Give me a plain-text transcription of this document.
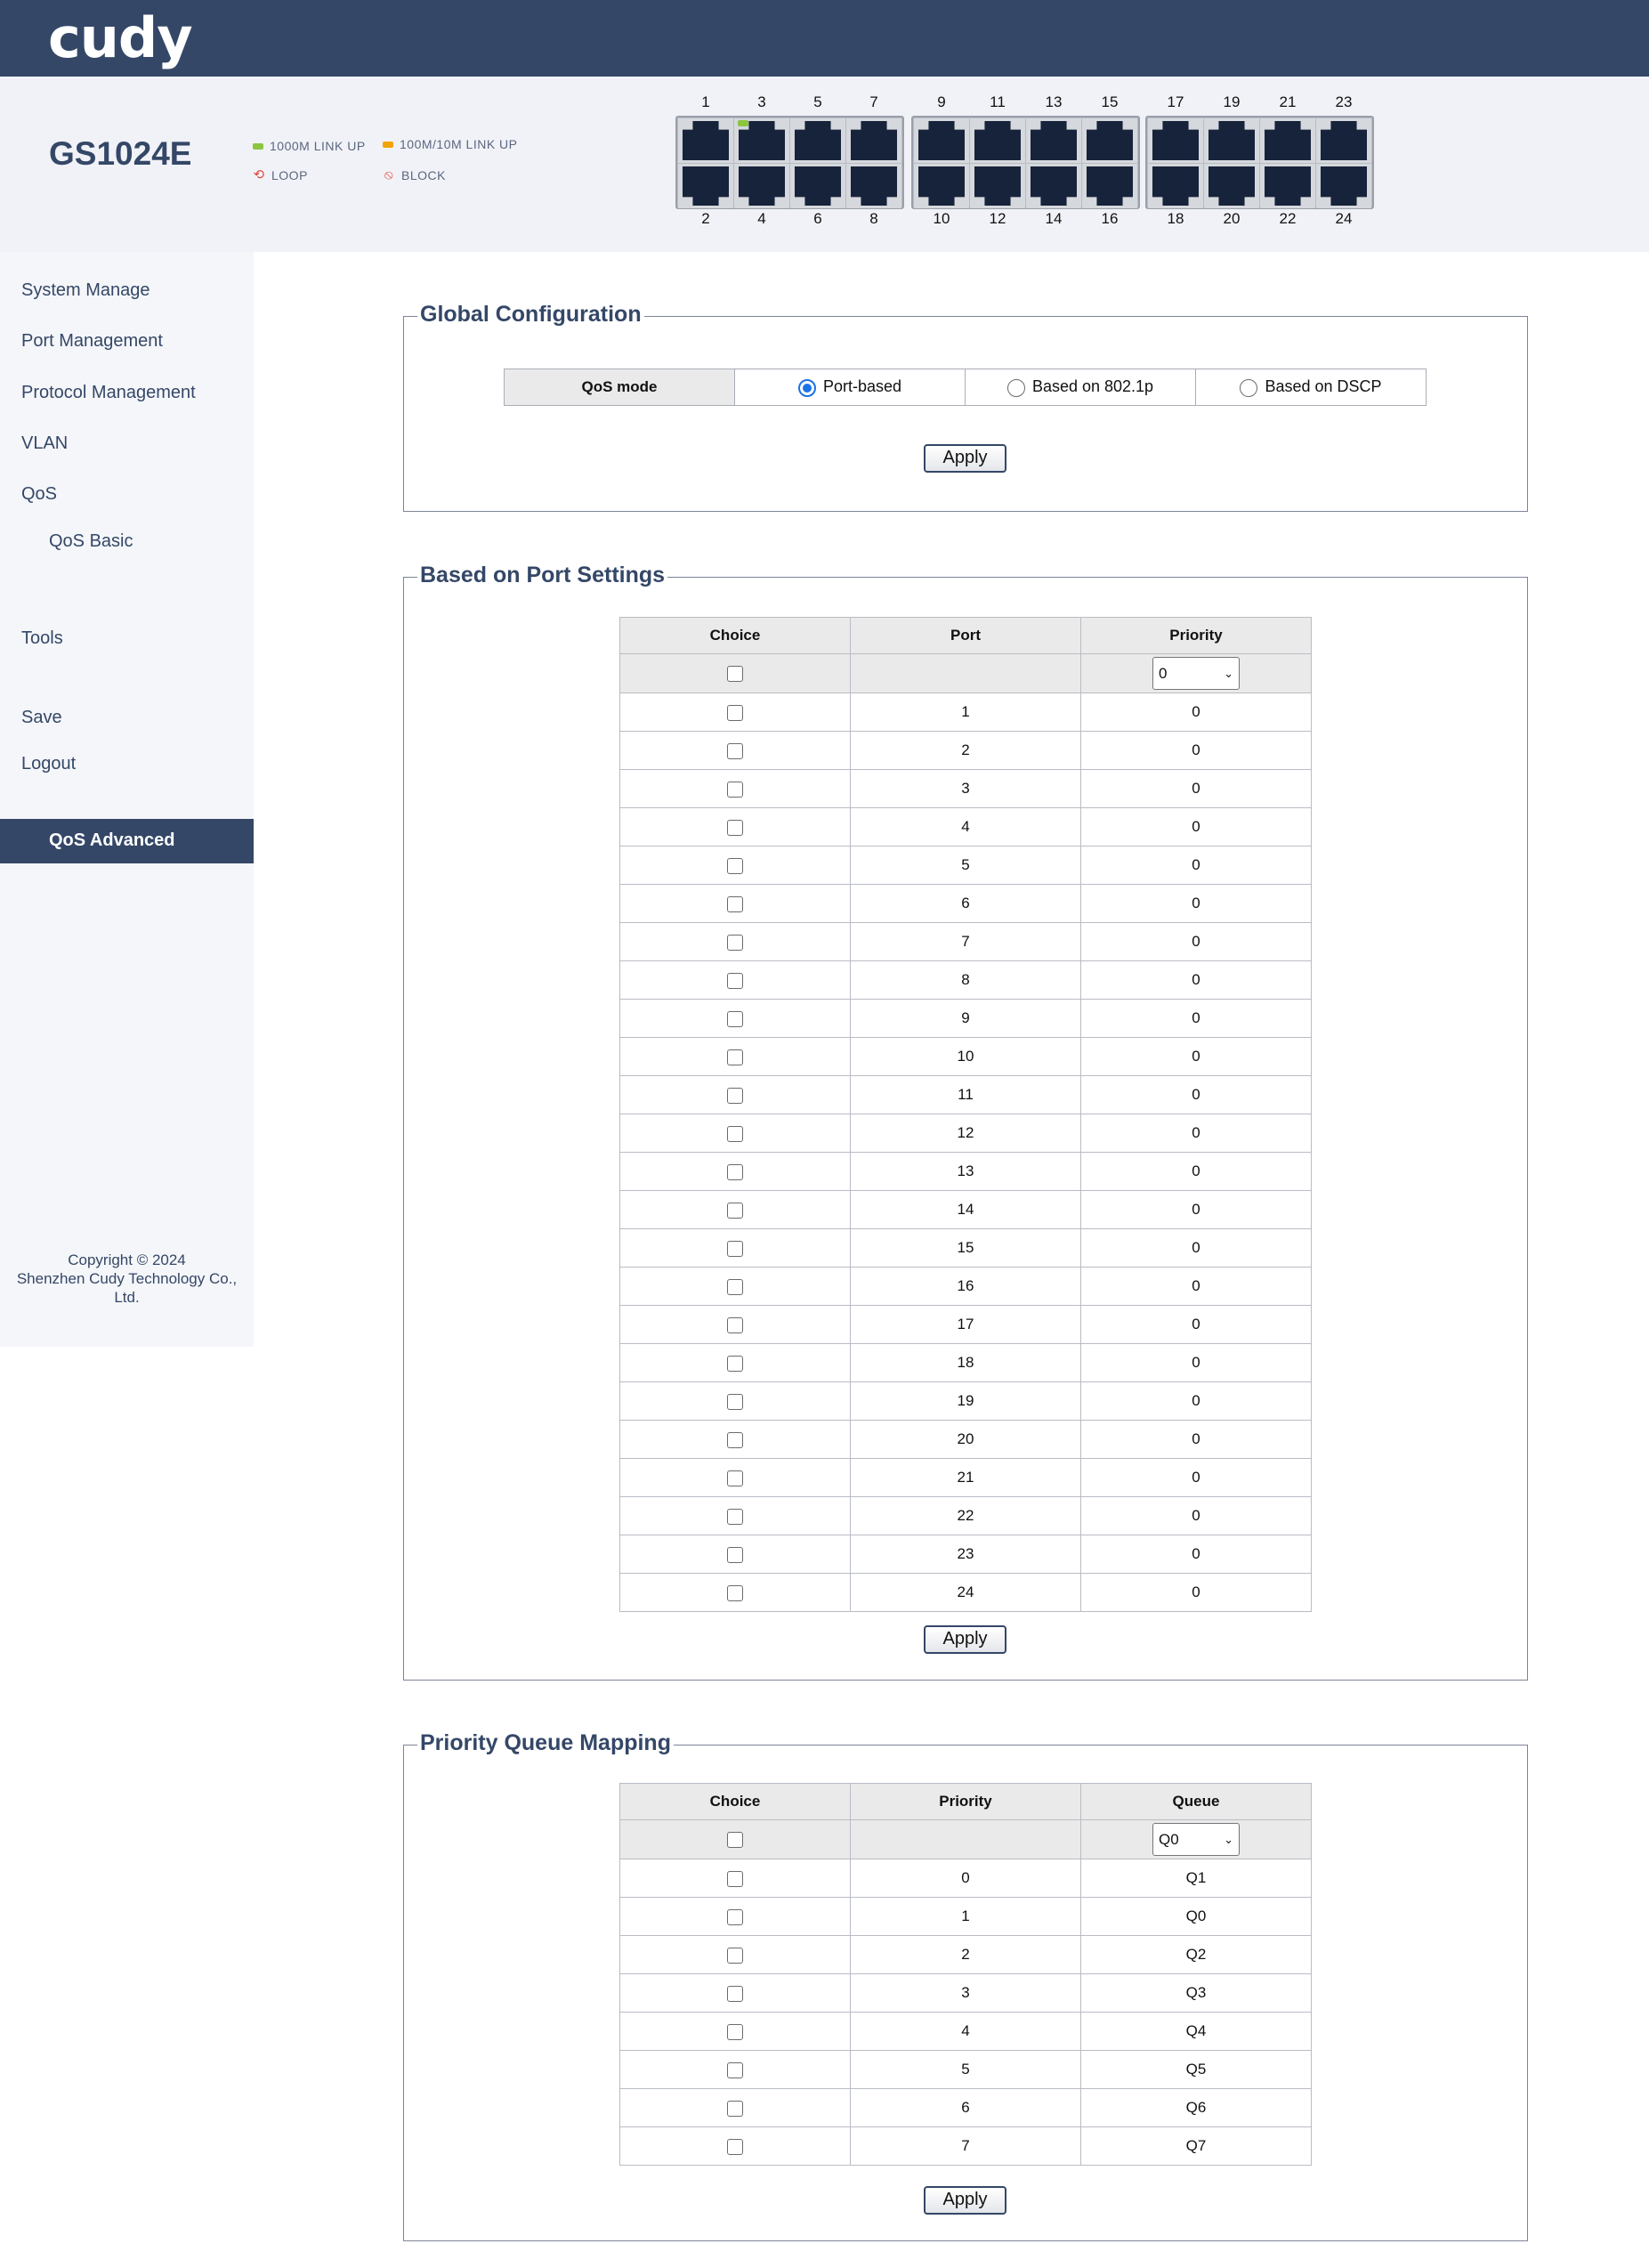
cudy
GS1024E	1000M LINK UP	100M/10M LINK UP
⟲ LOOP	⦸ BLOCK
1
2
3
4
5
6
7
8
9
10
11
12
13
14
15
16
17
18
19
20
21
22
23
24
System Manage
Port Management
Protocol Management
VLAN
QoS
QoS Basic
QoS Advanced
Tools
Save
Logout
Copyright © 2024
Shenzhen Cudy Technology Co.,
Ltd.
Global Configuration
QoS mode	Port-based	Based on 802.1p	Based on DSCP
Apply
Based on Port Settings
Choice	Port	Priority

		0 ⌄

	1	0
	2	0
	3	0
	4	0
	5	0
	6	0
	7	0
	8	0
	9	0
	10	0
	11	0
	12	0
	13	0
	14	0
	15	0
	16	0
	17	0
	18	0
	19	0
	20	0
	21	0
	22	0
	23	0
	24	0
Apply
Priority Queue Mapping
Choice	Priority	Queue

		Q0 ⌄

	0	Q1
	1	Q0
	2	Q2
	3	Q3
	4	Q4
	5	Q5
	6	Q6
	7	Q7
Apply
